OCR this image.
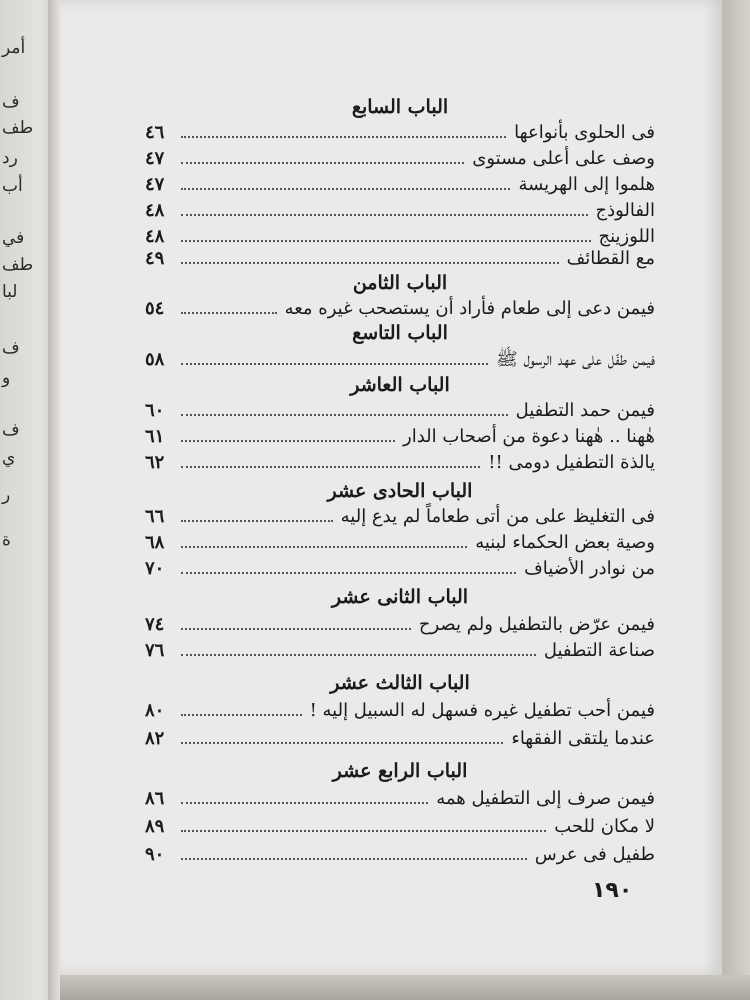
أمر
ف
طف
رد
أب
في
طف
لبا
ف
و
ف
ي
ر
ة
الباب السابع
فى الحلوى بأنواعها
٤٦
وصف على أعلى مستوى
٤٧
هلموا إلى الهريسة
٤٧
الفالوذج
٤٨
اللوزينج
٤٨
مع القطائف
٤٩
الباب الثامن
فيمن دعى إلى طعام فأراد أن يستصحب غيره معه
٥٤
الباب التاسع
فيمن طفّل على عهد الرسول ﷺ
٥٨
الباب العاشر
فيمن حمد التطفيل
٦٠
هٰهنا .. هٰهنا دعوة من أصحاب الدار
٦١
يالذة التطفيل دومى !!
٦٢
الباب الحادى عشر
فى التغليظ على من أتى طعاماً لم يدع إليه
٦٦
وصية بعض الحكماء لبنيه
٦٨
من نوادر الأضياف
٧٠
الباب الثانى عشر
فيمن عرّض بالتطفيل ولم يصرح
٧٤
صناعة التطفيل
٧٦
الباب الثالث عشر
فيمن أحب تطفيل غيره فسهل له السبيل إليه !
٨٠
عندما يلتقى الفقهاء
٨٢
الباب الرابع عشر
فيمن صرف إلى التطفيل همه
٨٦
لا مكان للحب
٨٩
طفيل فى عرس
٩٠
١٩٠
